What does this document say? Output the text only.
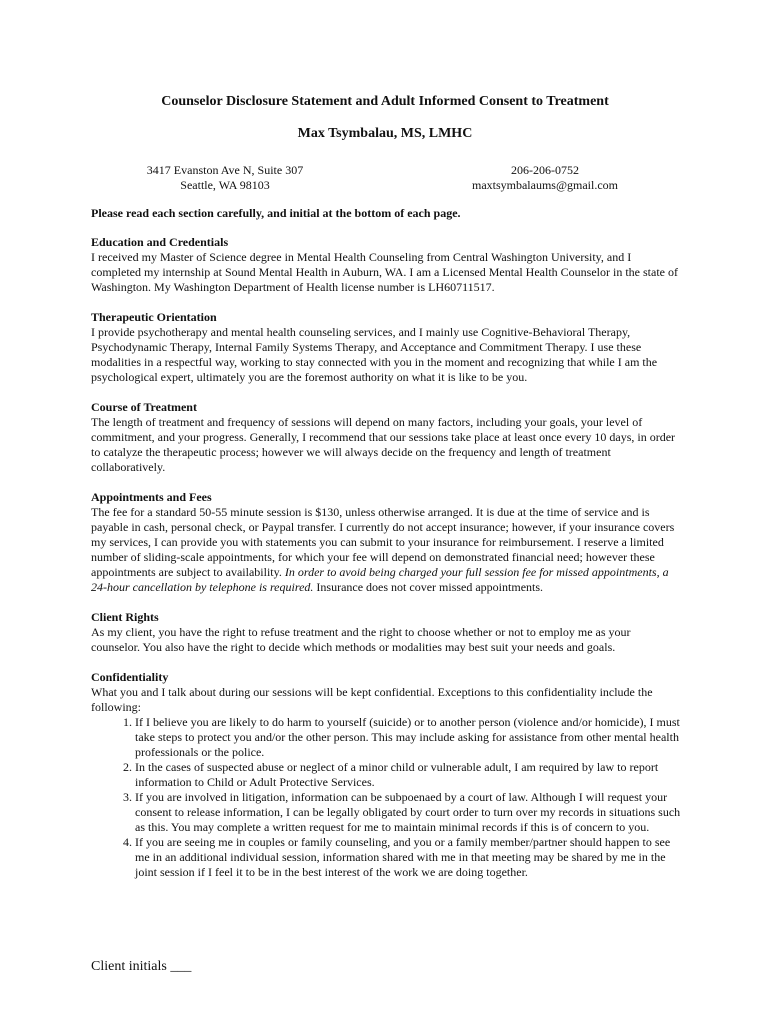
Counselor Disclosure Statement and Adult Informed Consent to Treatment
Max Tsymbalau, MS, LMHC
3417 Evanston Ave N, Suite 307
Seattle, WA 98103
206-206-0752
maxtsymbalaums@gmail.com
Please read each section carefully, and initial at the bottom of each page.
Education and Credentials

I received my Master of Science degree in Mental Health Counseling from Central Washington University, and I completed my internship at Sound Mental Health in Auburn, WA. I am a Licensed Mental Health Counselor in the state of Washington. My Washington Department of Health license number is LH60711517.

Therapeutic Orientation

I provide psychotherapy and mental health counseling services, and I mainly use Cognitive-Behavioral Therapy, Psychodynamic Therapy, Internal Family Systems Therapy, and Acceptance and Commitment Therapy. I use these modalities in a respectful way, working to stay connected with you in the moment and recognizing that while I am the psychological expert, ultimately you are the foremost authority on what it is like to be you.

Course of Treatment

The length of treatment and frequency of sessions will depend on many factors, including your goals, your level of commitment, and your progress. Generally, I recommend that our sessions take place at least once every 10 days, in order to catalyze the therapeutic process; however we will always decide on the frequency and length of treatment collaboratively.

Appointments and Fees

The fee for a standard 50-55 minute session is $130, unless otherwise arranged. It is due at the time of service and is payable in cash, personal check, or Paypal transfer. I currently do not accept insurance; however, if your insurance covers my services, I can provide you with statements you can submit to your insurance for reimbursement. I reserve a limited number of sliding-scale appointments, for which your fee will depend on demonstrated financial need; however these appointments are subject to availability. In order to avoid being charged your full session fee for missed appointments, a 24-hour cancellation by telephone is required. Insurance does not cover missed appointments.

Client Rights

As my client, you have the right to refuse treatment and the right to choose whether or not to employ me as your counselor. You also have the right to decide which methods or modalities may best suit your needs and goals.

Confidentiality

What you and I talk about during our sessions will be kept confidential. Exceptions to this confidentiality include the following:

1. If I believe you are likely to do harm to yourself (suicide) or to another person (violence and/or homicide), I must take steps to protect you and/or the other person. This may include asking for assistance from other mental health professionals or the police.
2. In the cases of suspected abuse or neglect of a minor child or vulnerable adult, I am required by law to report information to Child or Adult Protective Services.
3. If you are involved in litigation, information can be subpoenaed by a court of law. Although I will request your consent to release information, I can be legally obligated by court order to turn over my records in situations such as this. You may complete a written request for me to maintain minimal records if this is of concern to you.
4. If you are seeing me in couples or family counseling, and you or a family member/partner should happen to see me in an additional individual session, information shared with me in that meeting may be shared by me in the joint session if I feel it to be in the best interest of the work we are doing together.
Client initials ___
